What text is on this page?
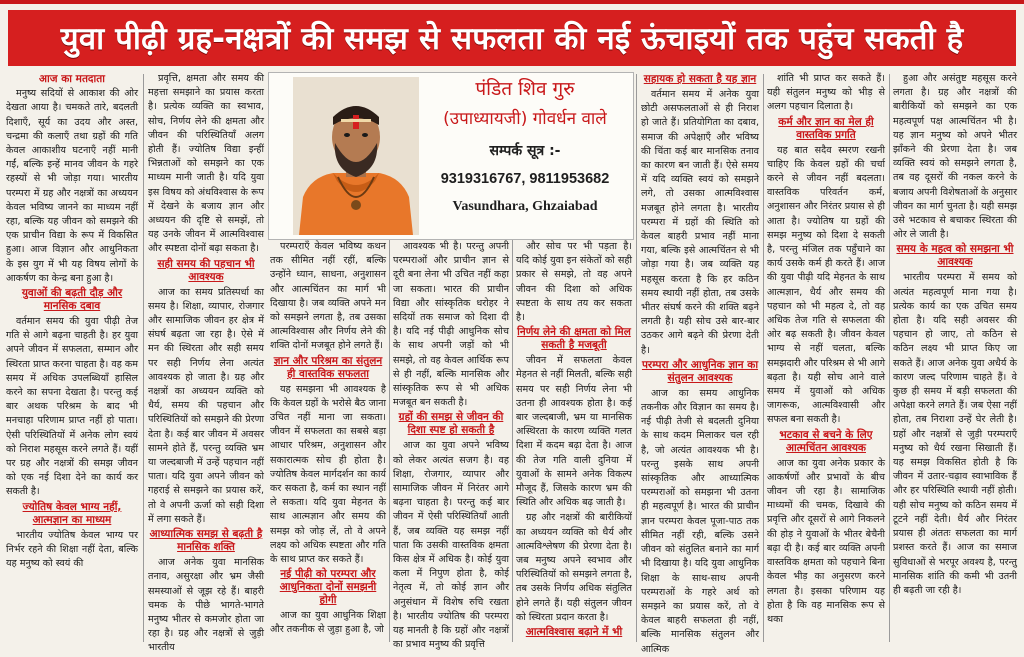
युवा पीढ़ी ग्रह-नक्षत्रों की समझ से सफलता की नई ऊंचाइयों तक पहुंच सकती है
आज का मतदाता

मनुष्य सदियों से आकाश की ओर देखता आया है। चमकते तारे, बदलती दिशाएँ, सूर्य का उदय और अस्त, चन्द्रमा की कलाएँ तथा ग्रहों की गति केवल आकाशीय घटनाएँ नहीं मानी गईं, बल्कि इन्हें मानव जीवन के गहरे रहस्यों से भी जोड़ा गया। भारतीय परम्परा में ग्रह और नक्षत्रों का अध्ययन केवल भविष्य जानने का माध्यम नहीं रहा, बल्कि यह जीवन को समझने की एक प्राचीन विद्या के रूप में विकसित हुआ। आज विज्ञान और आधुनिकता के इस युग में भी यह विषय लोगों के आकर्षण का केन्द्र बना हुआ है।

युवाओं की बढ़ती दौड़ और मानसिक दबाव

वर्तमान समय की युवा पीढ़ी तेज गति से आगे बढ़ना चाहती है। हर युवा अपने जीवन में सफलता, सम्मान और स्थिरता प्राप्त करना चाहता है। वह कम समय में अधिक उपलब्धियाँ हासिल करने का सपना देखता है। परन्तु कई बार अथक परिश्रम के बाद भी मनचाहा परिणाम प्राप्त नहीं हो पाता। ऐसी परिस्थितियों में अनेक लोग स्वयं को निराश महसूस करने लगते हैं। यहीं पर ग्रह और नक्षत्रों की समझ जीवन को एक नई दिशा देने का कार्य कर सकती है।

ज्योतिष केवल भाग्य नहीं, आत्मज्ञान का माध्यम

भारतीय ज्योतिष केवल भाग्य पर निर्भर रहने की शिक्षा नहीं देता, बल्कि यह मनुष्य को स्वयं की

प्रवृत्ति, क्षमता और समय की महत्ता समझाने का प्रयास करता है। प्रत्येक व्यक्ति का स्वभाव, सोच, निर्णय लेने की क्षमता और जीवन की परिस्थितियाँ अलग होती हैं। ज्योतिष विद्या इन्हीं भिन्नताओं को समझने का एक माध्यम मानी जाती है। यदि युवा इस विषय को अंधविश्वास के रूप में देखने के बजाय ज्ञान और अध्ययन की दृष्टि से समझें, तो यह उनके जीवन में आत्मविश्वास और स्पष्टता दोनों बढ़ा सकता है।

सही समय की पहचान भी आवश्यक

आज का समय प्रतिस्पर्धा का समय है। शिक्षा, व्यापार, रोजगार और सामाजिक जीवन हर क्षेत्र में संघर्ष बढ़ता जा रहा है। ऐसे में मन की स्थिरता और सही समय पर सही निर्णय लेना अत्यंत आवश्यक हो जाता है। ग्रह और नक्षत्रों का अध्ययन व्यक्ति को धैर्य, समय की पहचान और परिस्थितियों को समझने की प्रेरणा देता है। कई बार जीवन में अवसर सामने होते हैं, परन्तु व्यक्ति भ्रम या जल्दबाजी में उन्हें पहचान नहीं पाता। यदि युवा अपने जीवन को गहराई से समझने का प्रयास करें, तो वे अपनी ऊर्जा को सही दिशा में लगा सकते हैं।

आध्यात्मिक समझ से बढ़ती है मानसिक शक्ति

आज अनेक युवा मानसिक तनाव, असुरक्षा और भ्रम जैसी समस्याओं से जूझ रहे हैं। बाहरी चमक के पीछे भागते-भागते मनुष्य भीतर से कमजोर होता जा रहा है। ग्रह और नक्षत्रों से जुड़ी भारतीय

पंडित शिव गुरु
(उपाध्यायजी) गोवर्धन वाले
सम्पर्क सूत्र :-
9319316767, 9811953682
Vasundhara, Ghzaiabad

परम्पराएँ केवल भविष्य कथन तक सीमित नहीं रहीं, बल्कि उन्होंने ध्यान, साधना, अनुशासन और आत्मचिंतन का मार्ग भी दिखाया है। जब व्यक्ति अपने मन को समझने लगता है, तब उसका आत्मविश्वास और निर्णय लेने की शक्ति दोनों मजबूत होने लगते हैं।

ज्ञान और परिश्रम का संतुलन ही वास्तविक सफलता

यह समझना भी आवश्यक है कि केवल ग्रहों के भरोसे बैठ जाना उचित नहीं माना जा सकता। जीवन में सफलता का सबसे बड़ा आधार परिश्रम, अनुशासन और सकारात्मक सोच ही होता है। ज्योतिष केवल मार्गदर्शन का कार्य कर सकता है, कर्म का स्थान नहीं ले सकता। यदि युवा मेहनत के साथ आत्मज्ञान और समय की समझ को जोड़ लें, तो वे अपने लक्ष्य को अधिक स्पष्टता और गति के साथ प्राप्त कर सकते हैं।

नई पीढ़ी को परम्परा और आधुनिकता दोनों समझनी होगी

आज का युवा आधुनिक शिक्षा और तकनीक से जुड़ा हुआ है, जो

आवश्यक भी है। परन्तु अपनी परम्पराओं और प्राचीन ज्ञान से दूरी बना लेना भी उचित नहीं कहा जा सकता। भारत की प्राचीन विद्या और सांस्कृतिक धरोहर ने सदियों तक समाज को दिशा दी है। यदि नई पीढ़ी आधुनिक सोच के साथ अपनी जड़ों को भी समझे, तो वह केवल आर्थिक रूप से ही नहीं, बल्कि मानसिक और सांस्कृतिक रूप से भी अधिक मजबूत बन सकती है।

ग्रहों की समझ से जीवन की दिशा स्पष्ट हो सकती है

आज का युवा अपने भविष्य को लेकर अत्यंत सजग है। वह शिक्षा, रोजगार, व्यापार और सामाजिक जीवन में निरंतर आगे बढ़ना चाहता है। परन्तु कई बार जीवन में ऐसी परिस्थितियाँ आती हैं, जब व्यक्ति यह समझ नहीं पाता कि उसकी वास्तविक क्षमता किस क्षेत्र में अधिक है। कोई युवा कला में निपुण होता है, कोई नेतृत्व में, तो कोई ज्ञान और अनुसंधान में विशेष रुचि रखता है। भारतीय ज्योतिष की परम्परा यह मानती है कि ग्रहों और नक्षत्रों का प्रभाव मनुष्य की प्रवृत्ति

और सोच पर भी पड़ता है। यदि कोई युवा इन संकेतों को सही प्रकार से समझे, तो वह अपने जीवन की दिशा को अधिक स्पष्टता के साथ तय कर सकता है।

निर्णय लेने की क्षमता को मिल सकती है मजबूती

जीवन में सफलता केवल मेहनत से नहीं मिलती, बल्कि सही समय पर सही निर्णय लेना भी उतना ही आवश्यक होता है। कई बार जल्दबाजी, भ्रम या मानसिक अस्थिरता के कारण व्यक्ति गलत दिशा में कदम बढ़ा देता है। आज की तेज गति वाली दुनिया में युवाओं के सामने अनेक विकल्प मौजूद हैं, जिसके कारण भ्रम की स्थिति और अधिक बढ़ जाती है।

ग्रह और नक्षत्रों की बारीकियों का अध्ययन व्यक्ति को धैर्य और आत्मविश्लेषण की प्रेरणा देता है। जब मनुष्य अपने स्वभाव और परिस्थितियों को समझने लगता है, तब उसके निर्णय अधिक संतुलित होने लगते हैं। यही संतुलन जीवन को स्थिरता प्रदान करता है।

आत्मविश्वास बढ़ाने में भी
सहायक हो सकता है यह ज्ञान

वर्तमान समय में अनेक युवा छोटी असफलताओं से ही निराश हो जाते हैं। प्रतियोगिता का दबाव, समाज की अपेक्षाएँ और भविष्य की चिंता कई बार मानसिक तनाव का कारण बन जाती हैं। ऐसे समय में यदि व्यक्ति स्वयं को समझने लगे, तो उसका आत्मविश्वास मजबूत होने लगता है। भारतीय परम्परा में ग्रहों की स्थिति को केवल बाहरी प्रभाव नहीं माना गया, बल्कि इसे आत्मचिंतन से भी जोड़ा गया है। जब व्यक्ति यह महसूस करता है कि हर कठिन समय स्थायी नहीं होता, तब उसके भीतर संघर्ष करने की शक्ति बढ़ने लगती है। यही सोच उसे बार-बार उठकर आगे बढ़ने की प्रेरणा देती है।

परम्परा और आधुनिक ज्ञान का संतुलन आवश्यक

आज का समय आधुनिक तकनीक और विज्ञान का समय है। नई पीढ़ी तेजी से बदलती दुनिया के साथ कदम मिलाकर चल रही है, जो अत्यंत आवश्यक भी है। परन्तु इसके साथ अपनी सांस्कृतिक और आध्यात्मिक परम्पराओं को समझना भी उतना ही महत्वपूर्ण है। भारत की प्राचीन ज्ञान परम्परा केवल पूजा-पाठ तक सीमित नहीं रही, बल्कि उसने जीवन को संतुलित बनाने का मार्ग भी दिखाया है। यदि युवा आधुनिक शिक्षा के साथ-साथ अपनी परम्पराओं के गहरे अर्थ को समझने का प्रयास करें, तो वे केवल बाहरी सफलता ही नहीं, बल्कि मानसिक संतुलन और आत्मिक

शांति भी प्राप्त कर सकते हैं। यही संतुलन मनुष्य को भीड़ से अलग पहचान दिलाता है।

कर्म और ज्ञान का मेल ही वास्तविक प्रगति

यह बात सदैव स्मरण रखनी चाहिए कि केवल ग्रहों की चर्चा करने से जीवन नहीं बदलता। वास्तविक परिवर्तन कर्म, अनुशासन और निरंतर प्रयास से ही आता है। ज्योतिष या ग्रहों की समझ मनुष्य को दिशा दे सकती है, परन्तु मंजिल तक पहुँचाने का कार्य उसके कर्म ही करते हैं। आज की युवा पीढ़ी यदि मेहनत के साथ आत्मज्ञान, धैर्य और समय की पहचान को भी महत्व दे, तो वह अधिक तेज गति से सफलता की ओर बढ़ सकती है। जीवन केवल भाग्य से नहीं चलता, बल्कि समझदारी और परिश्रम से भी आगे बढ़ता है। यही सोच आने वाले समय में युवाओं को अधिक जागरूक, आत्मविश्वासी और सफल बना सकती है।

भटकाव से बचने के लिए आत्मचिंतन आवश्यक

आज का युवा अनेक प्रकार के आकर्षणों और प्रभावों के बीच जीवन जी रहा है। सामाजिक माध्यमों की चमक, दिखावे की प्रवृत्ति और दूसरों से आगे निकलने की होड़ ने युवाओं के भीतर बेचैनी बढ़ा दी है। कई बार व्यक्ति अपनी वास्तविक क्षमता को पहचाने बिना केवल भीड़ का अनुसरण करने लगता है। इसका परिणाम यह होता है कि वह मानसिक रूप से थका

हुआ और असंतुष्ट महसूस करने लगता है। ग्रह और नक्षत्रों की बारीकियों को समझने का एक महत्वपूर्ण पक्ष आत्मचिंतन भी है। यह ज्ञान मनुष्य को अपने भीतर झाँकने की प्रेरणा देता है। जब व्यक्ति स्वयं को समझने लगता है, तब वह दूसरों की नकल करने के बजाय अपनी विशेषताओं के अनुसार जीवन का मार्ग चुनता है। यही समझ उसे भटकाव से बचाकर स्थिरता की ओर ले जाती है।

समय के महत्व को समझना भी आवश्यक

भारतीय परम्परा में समय को अत्यंत महत्वपूर्ण माना गया है। प्रत्येक कार्य का एक उचित समय होता है। यदि सही अवसर की पहचान हो जाए, तो कठिन से कठिन लक्ष्य भी प्राप्त किए जा सकते हैं। आज अनेक युवा अधैर्य के कारण जल्द परिणाम चाहते हैं। वे कुछ ही समय में बड़ी सफलता की अपेक्षा करने लगते हैं। जब ऐसा नहीं होता, तब निराशा उन्हें घेर लेती है। ग्रहों और नक्षत्रों से जुड़ी परम्पराएँ मनुष्य को धैर्य रखना सिखाती हैं। यह समझ विकसित होती है कि जीवन में उतार-चढ़ाव स्वाभाविक हैं और हर परिस्थिति स्थायी नहीं होती। यही सोच मनुष्य को कठिन समय में टूटने नहीं देती। धैर्य और निरंतर प्रयास ही अंततः सफलता का मार्ग प्रशस्त करते हैं। आज का समाज सुविधाओं से भरपूर अवश्य है, परन्तु मानसिक शांति की कमी भी उतनी ही बढ़ती जा रही है।
